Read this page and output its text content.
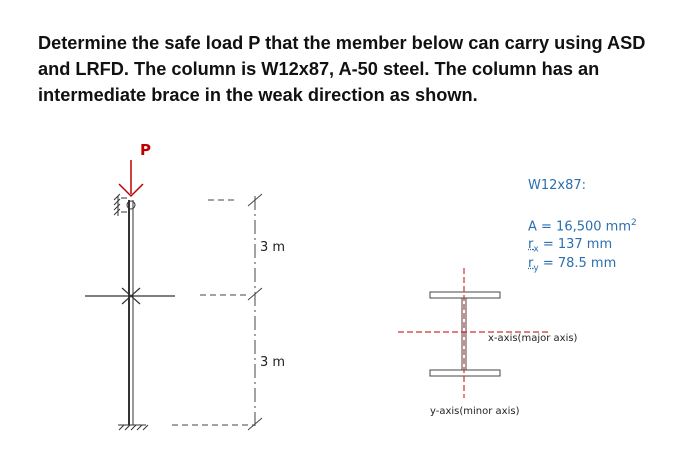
Determine the safe load P that the member below can carry using ASD
and LRFD. The column is W12x87, A-50 steel. The column has an
intermediate brace in the weak direction as shown.
P
3 m
3 m
x-axis(major axis)
y-axis(minor axis)
W12x87:
A = 16,500 $mm^2$
$r_x = 137$ mm
$r_y = 78.5$ mm
